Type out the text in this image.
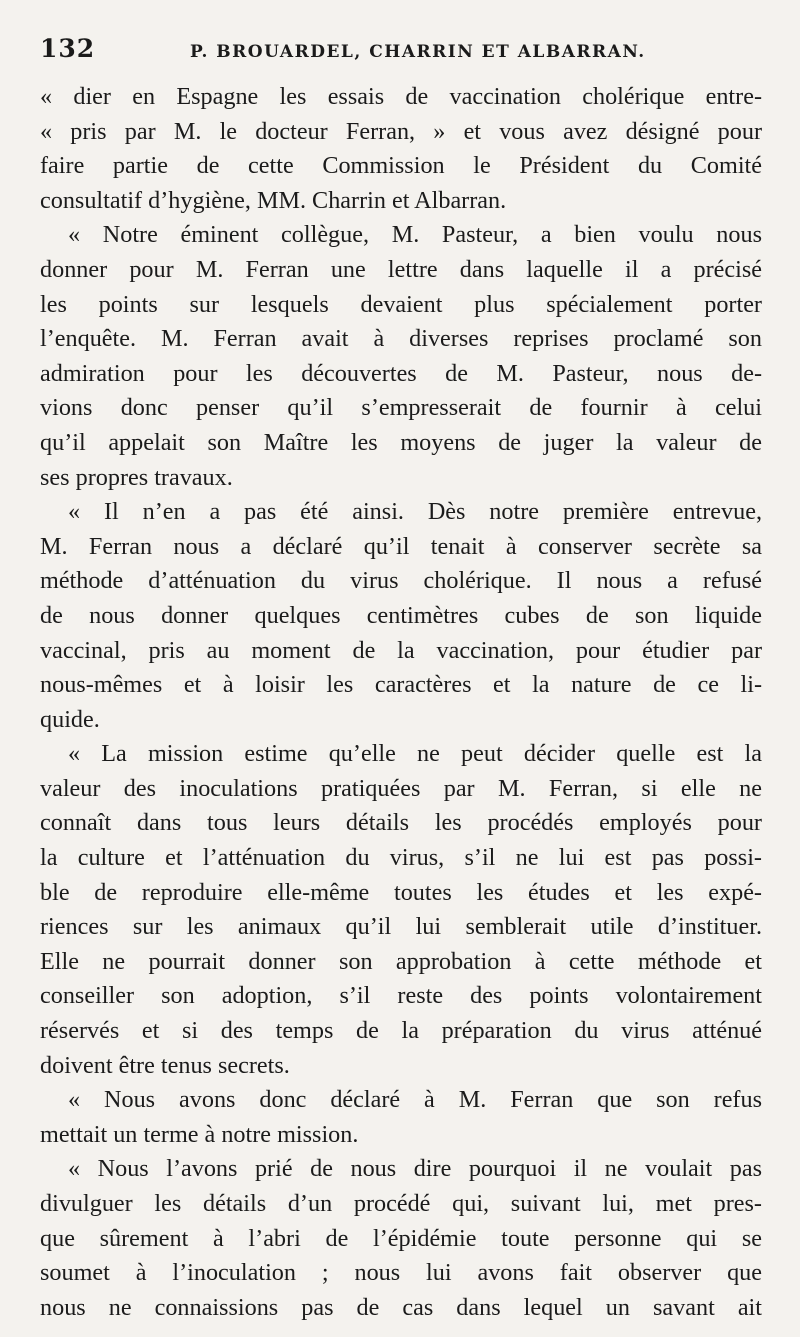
132	P. BROUARDEL, CHARRIN ET ALBARRAN.
« dier en Espagne les essais de vaccination cholérique entre-
« pris par M. le docteur Ferran, » et vous avez désigné pour
faire partie de cette Commission le Président du Comité
consultatif d’hygiène, MM. Charrin et Albarran.
« Notre éminent collègue, M. Pasteur, a bien voulu nous
donner pour M. Ferran une lettre dans laquelle il a précisé
les points sur lesquels devaient plus spécialement porter
l’enquête. M. Ferran avait à diverses reprises proclamé son
admiration pour les découvertes de M. Pasteur, nous de-
vions donc penser qu’il s’empresserait de fournir à celui
qu’il appelait son Maître les moyens de juger la valeur de
ses propres travaux.
« Il n’en a pas été ainsi. Dès notre première entrevue,
M. Ferran nous a déclaré qu’il tenait à conserver secrète sa
méthode d’atténuation du virus cholérique. Il nous a refusé
de nous donner quelques centimètres cubes de son liquide
vaccinal, pris au moment de la vaccination, pour étudier par
nous-mêmes et à loisir les caractères et la nature de ce li-
quide.
« La mission estime qu’elle ne peut décider quelle est la
valeur des inoculations pratiquées par M. Ferran, si elle ne
connaît dans tous leurs détails les procédés employés pour
la culture et l’atténuation du virus, s’il ne lui est pas possi-
ble de reproduire elle-même toutes les études et les expé-
riences sur les animaux qu’il lui semblerait utile d’instituer.
Elle ne pourrait donner son approbation à cette méthode et
conseiller son adoption, s’il reste des points volontairement
réservés et si des temps de la préparation du virus atténué
doivent être tenus secrets.
« Nous avons donc déclaré à M. Ferran que son refus
mettait un terme à notre mission.
« Nous l’avons prié de nous dire pourquoi il ne voulait pas
divulguer les détails d’un procédé qui, suivant lui, met pres-
que sûrement à l’abri de l’épidémie toute personne qui se
soumet à l’inoculation ; nous lui avons fait observer que
nous ne connaissions pas de cas dans lequel un savant ait
